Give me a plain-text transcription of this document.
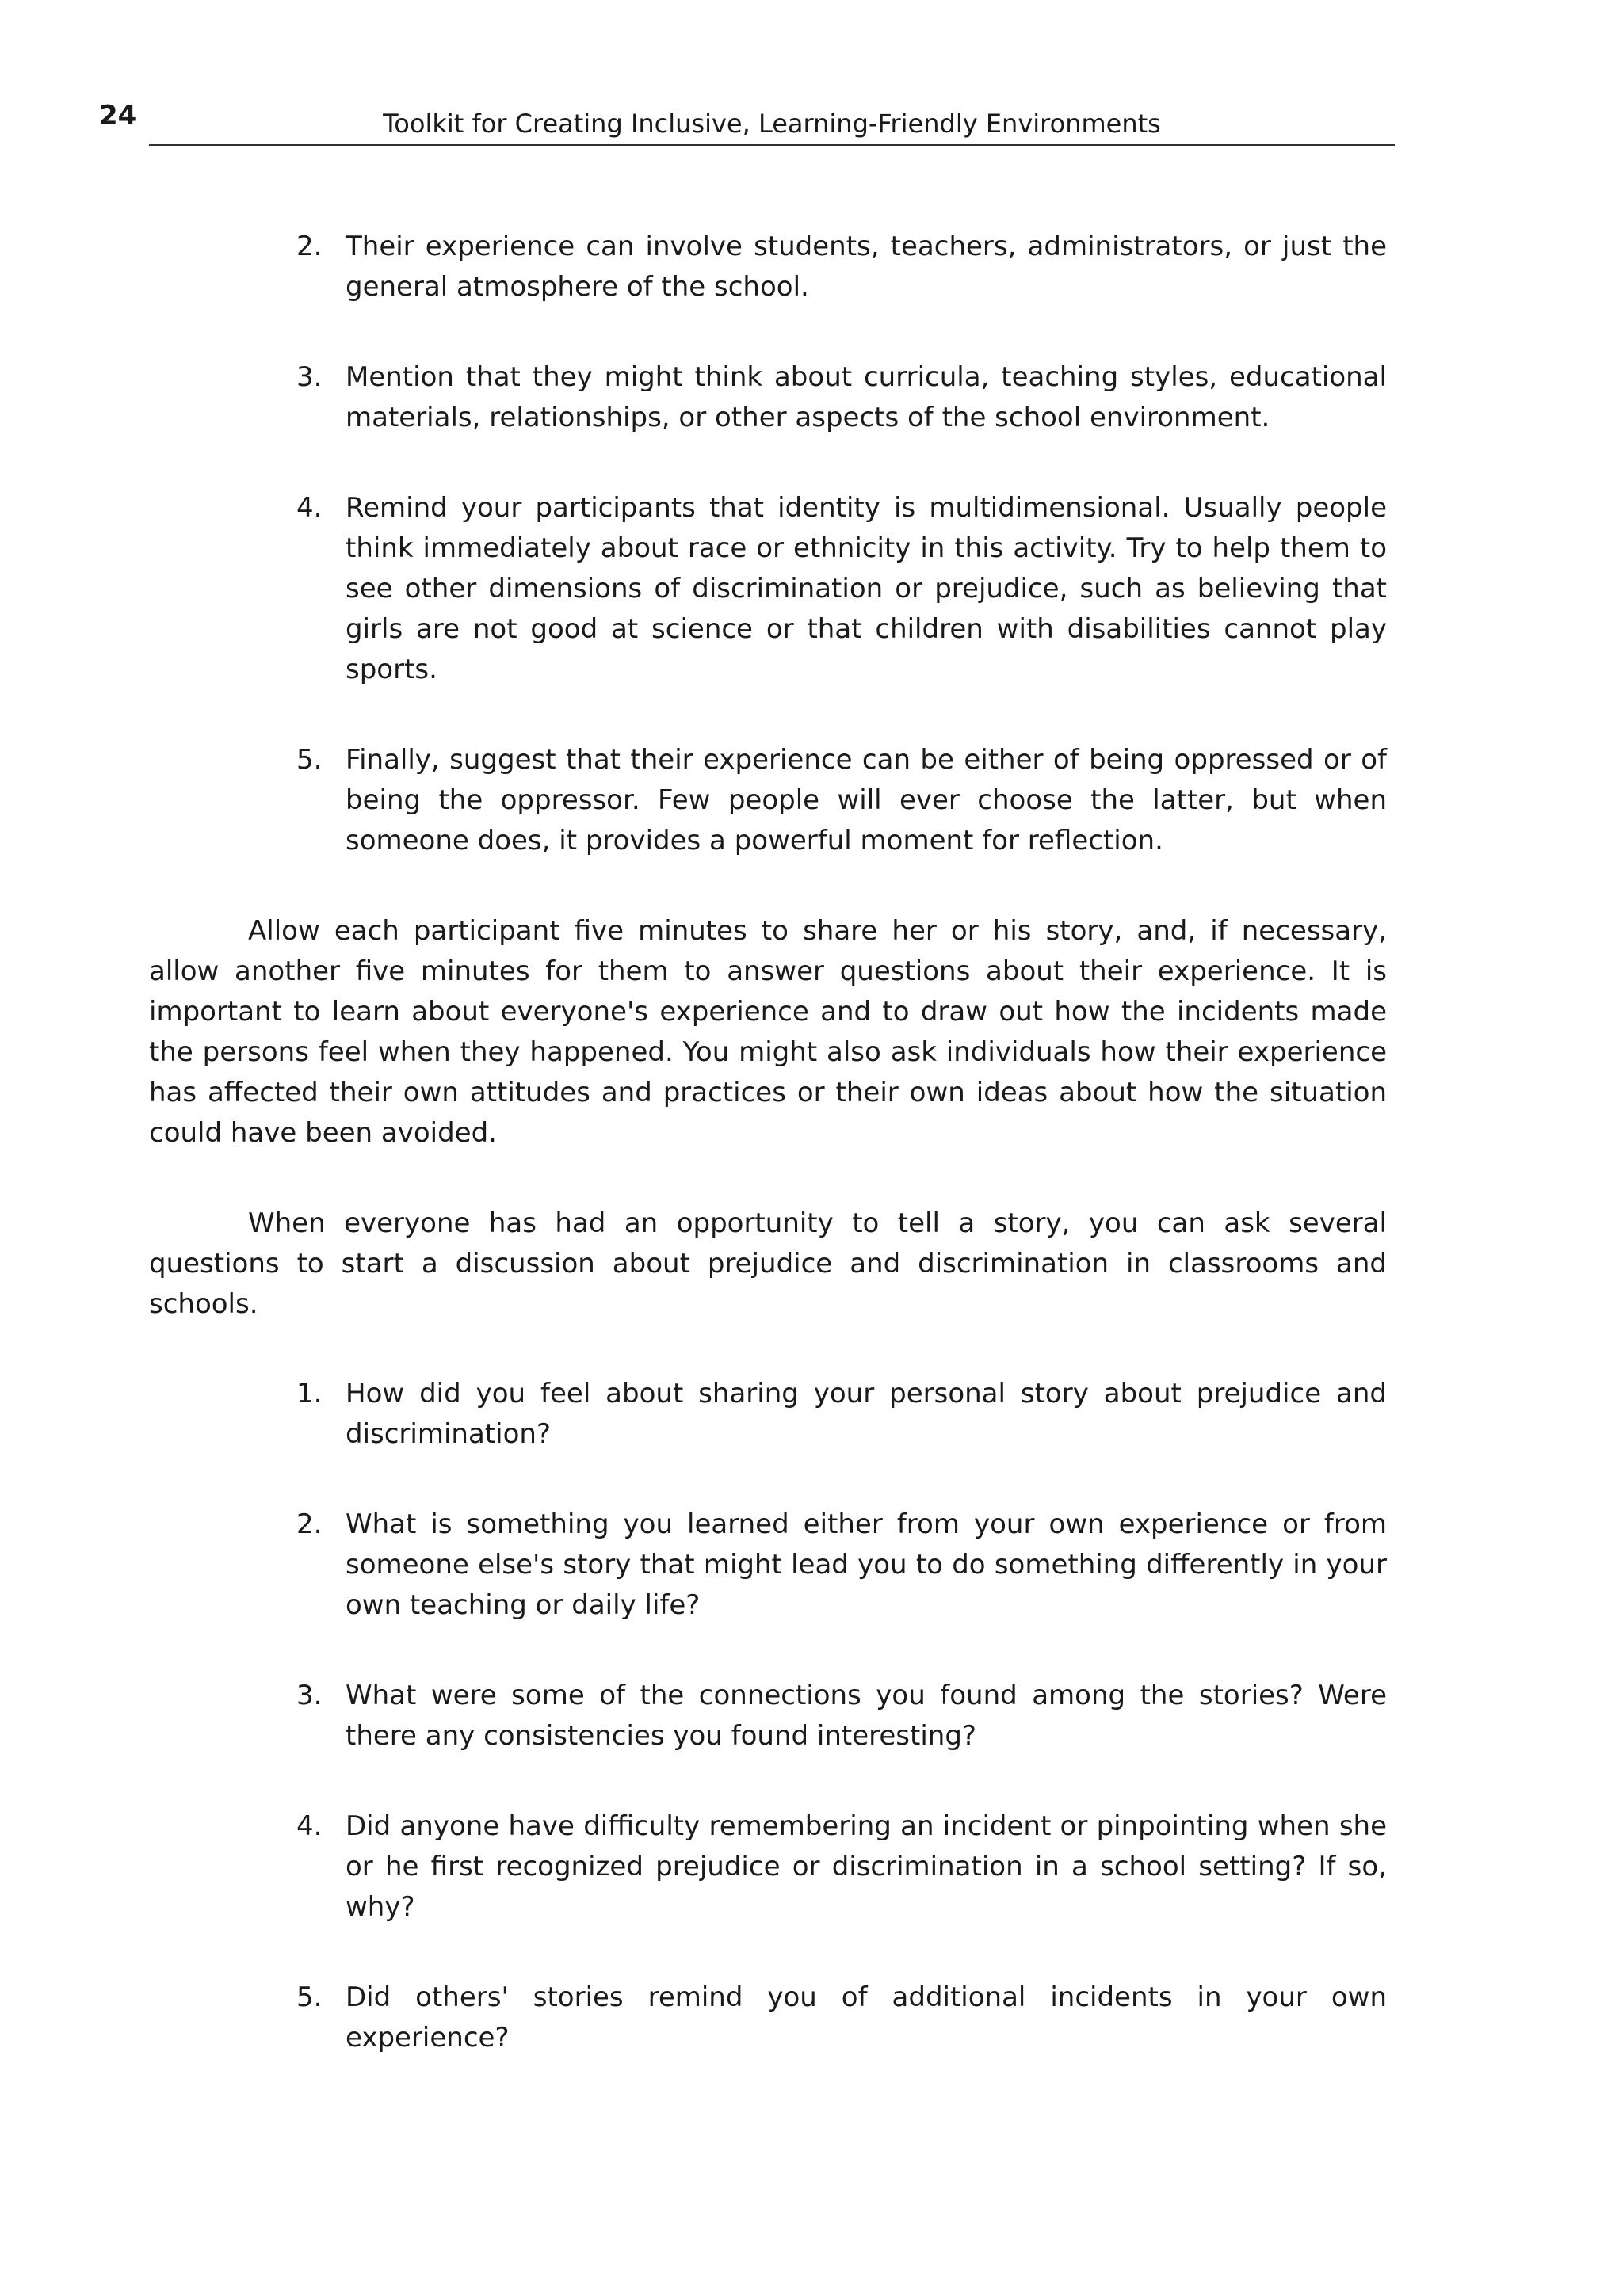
24	Toolkit for Creating Inclusive, Learning-Friendly Environments
2. Their experience can involve students, teachers, administrators, or just the general atmosphere of the school.
3. Mention that they might think about curricula, teaching styles, educational materials, relationships, or other aspects of the school environment.
4. Remind your participants that identity is multidimensional. Usually people think immediately about race or ethnicity in this activity. Try to help them to see other dimensions of discrimination or prejudice, such as believing that girls are not good at science or that children with disabilities cannot play sports.
5. Finally, suggest that their experience can be either of being oppressed or of being the oppressor. Few people will ever choose the latter, but when someone does, it provides a powerful moment for reflection.

Allow each participant five minutes to share her or his story, and, if necessary, allow another five minutes for them to answer questions about their experience. It is important to learn about everyone's experience and to draw out how the incidents made the persons feel when they happened. You might also ask individuals how their experience has affected their own attitudes and practices or their own ideas about how the situation could have been avoided.

When everyone has had an opportunity to tell a story, you can ask several questions to start a discussion about prejudice and discrimination in classrooms and schools.

1. How did you feel about sharing your personal story about prejudice and discrimination?
2. What is something you learned either from your own experience or from someone else's story that might lead you to do something differently in your own teaching or daily life?
3. What were some of the connections you found among the stories? Were there any consistencies you found interesting?
4. Did anyone have difficulty remembering an incident or pinpointing when she or he first recognized prejudice or discrimination in a school setting? If so, why?
5. Did others' stories remind you of additional incidents in your own experience?
